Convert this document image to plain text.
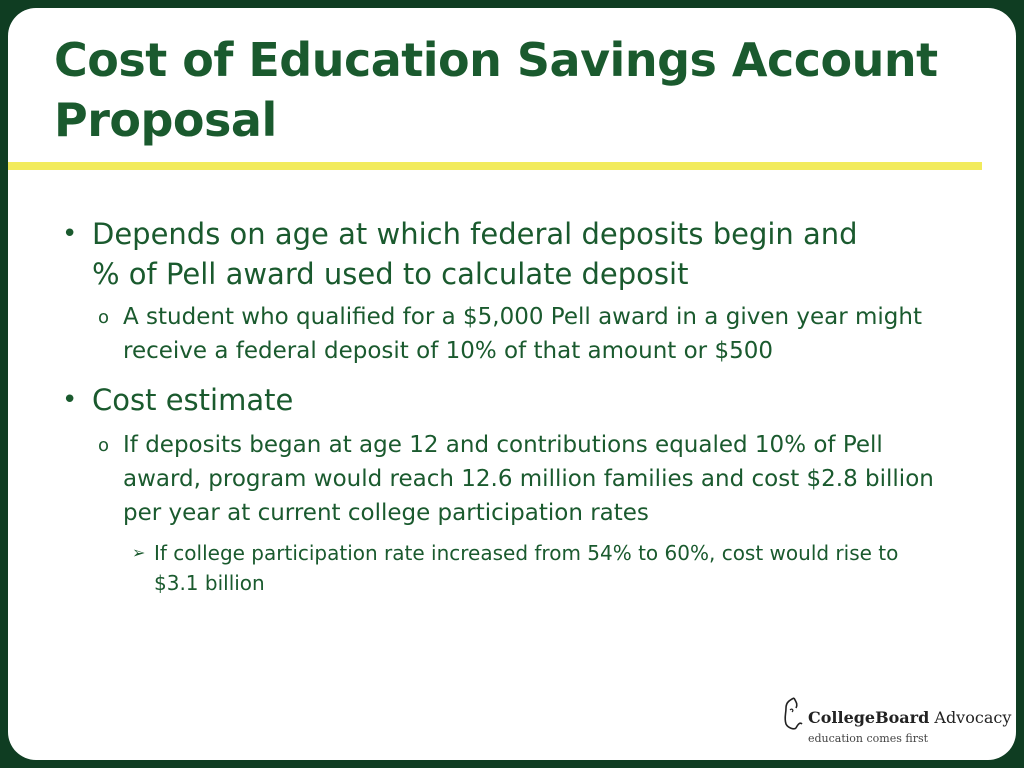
Cost of Education Savings Account Proposal

• Depends on age at which federal deposits begin and % of Pell award used to calculate deposit

o A student who qualified for a $5,000 Pell award in a given year might receive a federal deposit of 10% of that amount or $500

• Cost estimate

o If deposits began at age 12 and contributions equaled 10% of Pell award, program would reach 12.6 million families and cost $2.8 billion per year at current college participation rates

➢ If college participation rate increased from 54% to 60%, cost would rise to $3.1 billion

CollegeBoard Advocacy
education comes first
